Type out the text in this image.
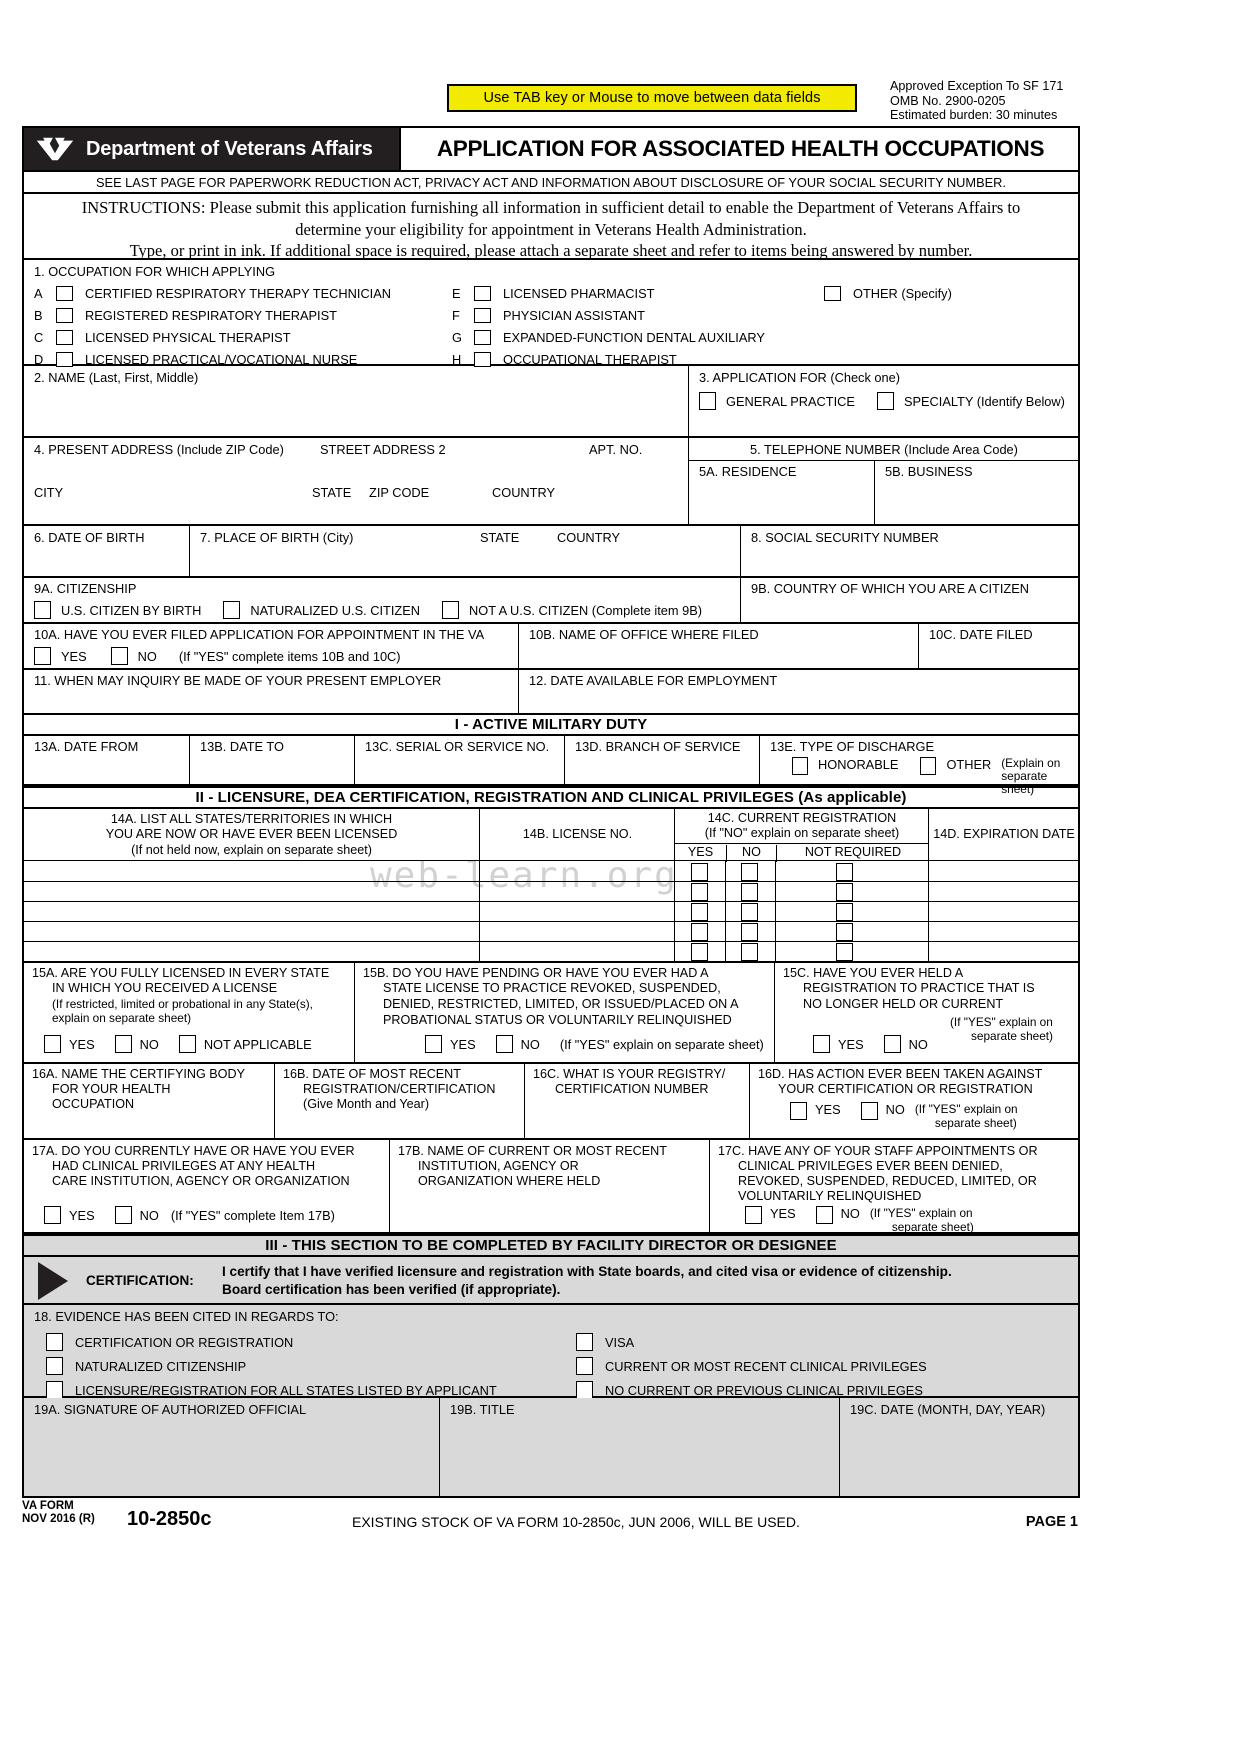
Use TAB key or Mouse to move between data fields
Approved Exception To SF 171
OMB No. 2900-0205
Estimated burden: 30 minutes
Department of Veterans Affairs	APPLICATION FOR ASSOCIATED HEALTH OCCUPATIONS
SEE LAST PAGE FOR PAPERWORK REDUCTION ACT, PRIVACY ACT AND INFORMATION ABOUT DISCLOSURE OF YOUR SOCIAL SECURITY NUMBER.
INSTRUCTIONS: Please submit this application furnishing all information in sufficient detail to enable the Department of Veterans Affairs to
determine your eligibility for appointment in Veterans Health Administration.
Type, or print in ink. If additional space is required, please attach a separate sheet and refer to items being answered by number.
1. OCCUPATION FOR WHICH APPLYING
A	CERTIFIED RESPIRATORY THERAPY TECHNICIAN
B	REGISTERED RESPIRATORY THERAPIST
C	LICENSED PHYSICAL THERAPIST
D	LICENSED PRACTICAL/VOCATIONAL NURSE
E	LICENSED PHARMACIST
F	PHYSICIAN ASSISTANT
G	EXPANDED-FUNCTION DENTAL AUXILIARY
H	OCCUPATIONAL THERAPIST
OTHER (Specify)
2. NAME (Last, First, Middle)	3. APPLICATION FOR (Check one)
GENERAL PRACTICE	SPECIALTY (Identify Below)
4. PRESENT ADDRESS (Include ZIP Code)	STREET ADDRESS 2	APT. NO.
CITY	STATE ZIP CODE	COUNTRY
5. TELEPHONE NUMBER (Include Area Code)
5A. RESIDENCE	5B. BUSINESS
6. DATE OF BIRTH	7. PLACE OF BIRTH (City)	STATE	COUNTRY	8. SOCIAL SECURITY NUMBER
9A. CITIZENSHIP
U.S. CITIZEN BY BIRTH	NATURALIZED U.S. CITIZEN	NOT A U.S. CITIZEN (Complete item 9B)
9B. COUNTRY OF WHICH YOU ARE A CITIZEN
10A. HAVE YOU EVER FILED APPLICATION FOR APPOINTMENT IN THE VA
YES	NO (If "YES" complete items 10B and 10C)
10B. NAME OF OFFICE WHERE FILED	10C. DATE FILED
11. WHEN MAY INQUIRY BE MADE OF YOUR PRESENT EMPLOYER	12. DATE AVAILABLE FOR EMPLOYMENT
I - ACTIVE MILITARY DUTY
13A. DATE FROM	13B. DATE TO	13C. SERIAL OR SERVICE NO. 13D. BRANCH OF SERVICE 13E. TYPE OF DISCHARGE
HONORABLE	OTHER (Explain on
separate sheet)
II - LICENSURE, DEA CERTIFICATION, REGISTRATION AND CLINICAL PRIVILEGES (As applicable)
14A. LIST ALL STATES/TERRITORIES IN WHICH
YOU ARE NOW OR HAVE EVER BEEN LICENSED
(If not held now, explain on separate sheet)
14B. LICENSE NO.
14C. CURRENT REGISTRATION
(If "NO" explain on separate sheet)
YES	NO	NOT REQUIRED
14D. EXPIRATION DATE
15A. ARE YOU FULLY LICENSED IN EVERY STATE
IN WHICH YOU RECEIVED A LICENSE
(If restricted, limited or probational in any State(s),
explain on separate sheet)
YES	NO	NOT APPLICABLE
15B. DO YOU HAVE PENDING OR HAVE YOU EVER HAD A
STATE LICENSE TO PRACTICE REVOKED, SUSPENDED,
DENIED, RESTRICTED, LIMITED, OR ISSUED/PLACED ON A
PROBATIONAL STATUS OR VOLUNTARILY RELINQUISHED
YES	NO (If "YES" explain on separate sheet)
15C. HAVE YOU EVER HELD A
REGISTRATION TO PRACTICE THAT IS
NO LONGER HELD OR CURRENT
(If "YES" explain on
separate sheet)
YES	NO
16A. NAME THE CERTIFYING BODY
FOR YOUR HEALTH
OCCUPATION
16B. DATE OF MOST RECENT
REGISTRATION/CERTIFICATION
(Give Month and Year)
16C. WHAT IS YOUR REGISTRY/
CERTIFICATION NUMBER
16D. HAS ACTION EVER BEEN TAKEN AGAINST
YOUR CERTIFICATION OR REGISTRATION
YES	NO (If "YES" explain on
separate sheet)
17A. DO YOU CURRENTLY HAVE OR HAVE YOU EVER
HAD CLINICAL PRIVILEGES AT ANY HEALTH
CARE INSTITUTION, AGENCY OR ORGANIZATION
YES	NO (If "YES" complete Item 17B)
17B. NAME OF CURRENT OR MOST RECENT
INSTITUTION, AGENCY OR
ORGANIZATION WHERE HELD
17C. HAVE ANY OF YOUR STAFF APPOINTMENTS OR
CLINICAL PRIVILEGES EVER BEEN DENIED,
REVOKED, SUSPENDED, REDUCED, LIMITED, OR
VOLUNTARILY RELINQUISHED
YES	NO (If "YES" explain on
separate sheet)
III - THIS SECTION TO BE COMPLETED BY FACILITY DIRECTOR OR DESIGNEE
CERTIFICATION:
I certify that I have verified licensure and registration with State boards, and cited visa or evidence of citizenship.
Board certification has been verified (if appropriate).
18. EVIDENCE HAS BEEN CITED IN REGARDS TO:
CERTIFICATION OR REGISTRATION
NATURALIZED CITIZENSHIP
LICENSURE/REGISTRATION FOR ALL STATES LISTED BY APPLICANT
VISA
CURRENT OR MOST RECENT CLINICAL PRIVILEGES
NO CURRENT OR PREVIOUS CLINICAL PRIVILEGES
19A. SIGNATURE OF AUTHORIZED OFFICIAL	19B. TITLE	19C. DATE (MONTH, DAY, YEAR)
web-learn.org
VA FORM
NOV 2016 (R) 10-2850c	EXISTING STOCK OF VA FORM 10-2850c, JUN 2006, WILL BE USED.	PAGE 1
